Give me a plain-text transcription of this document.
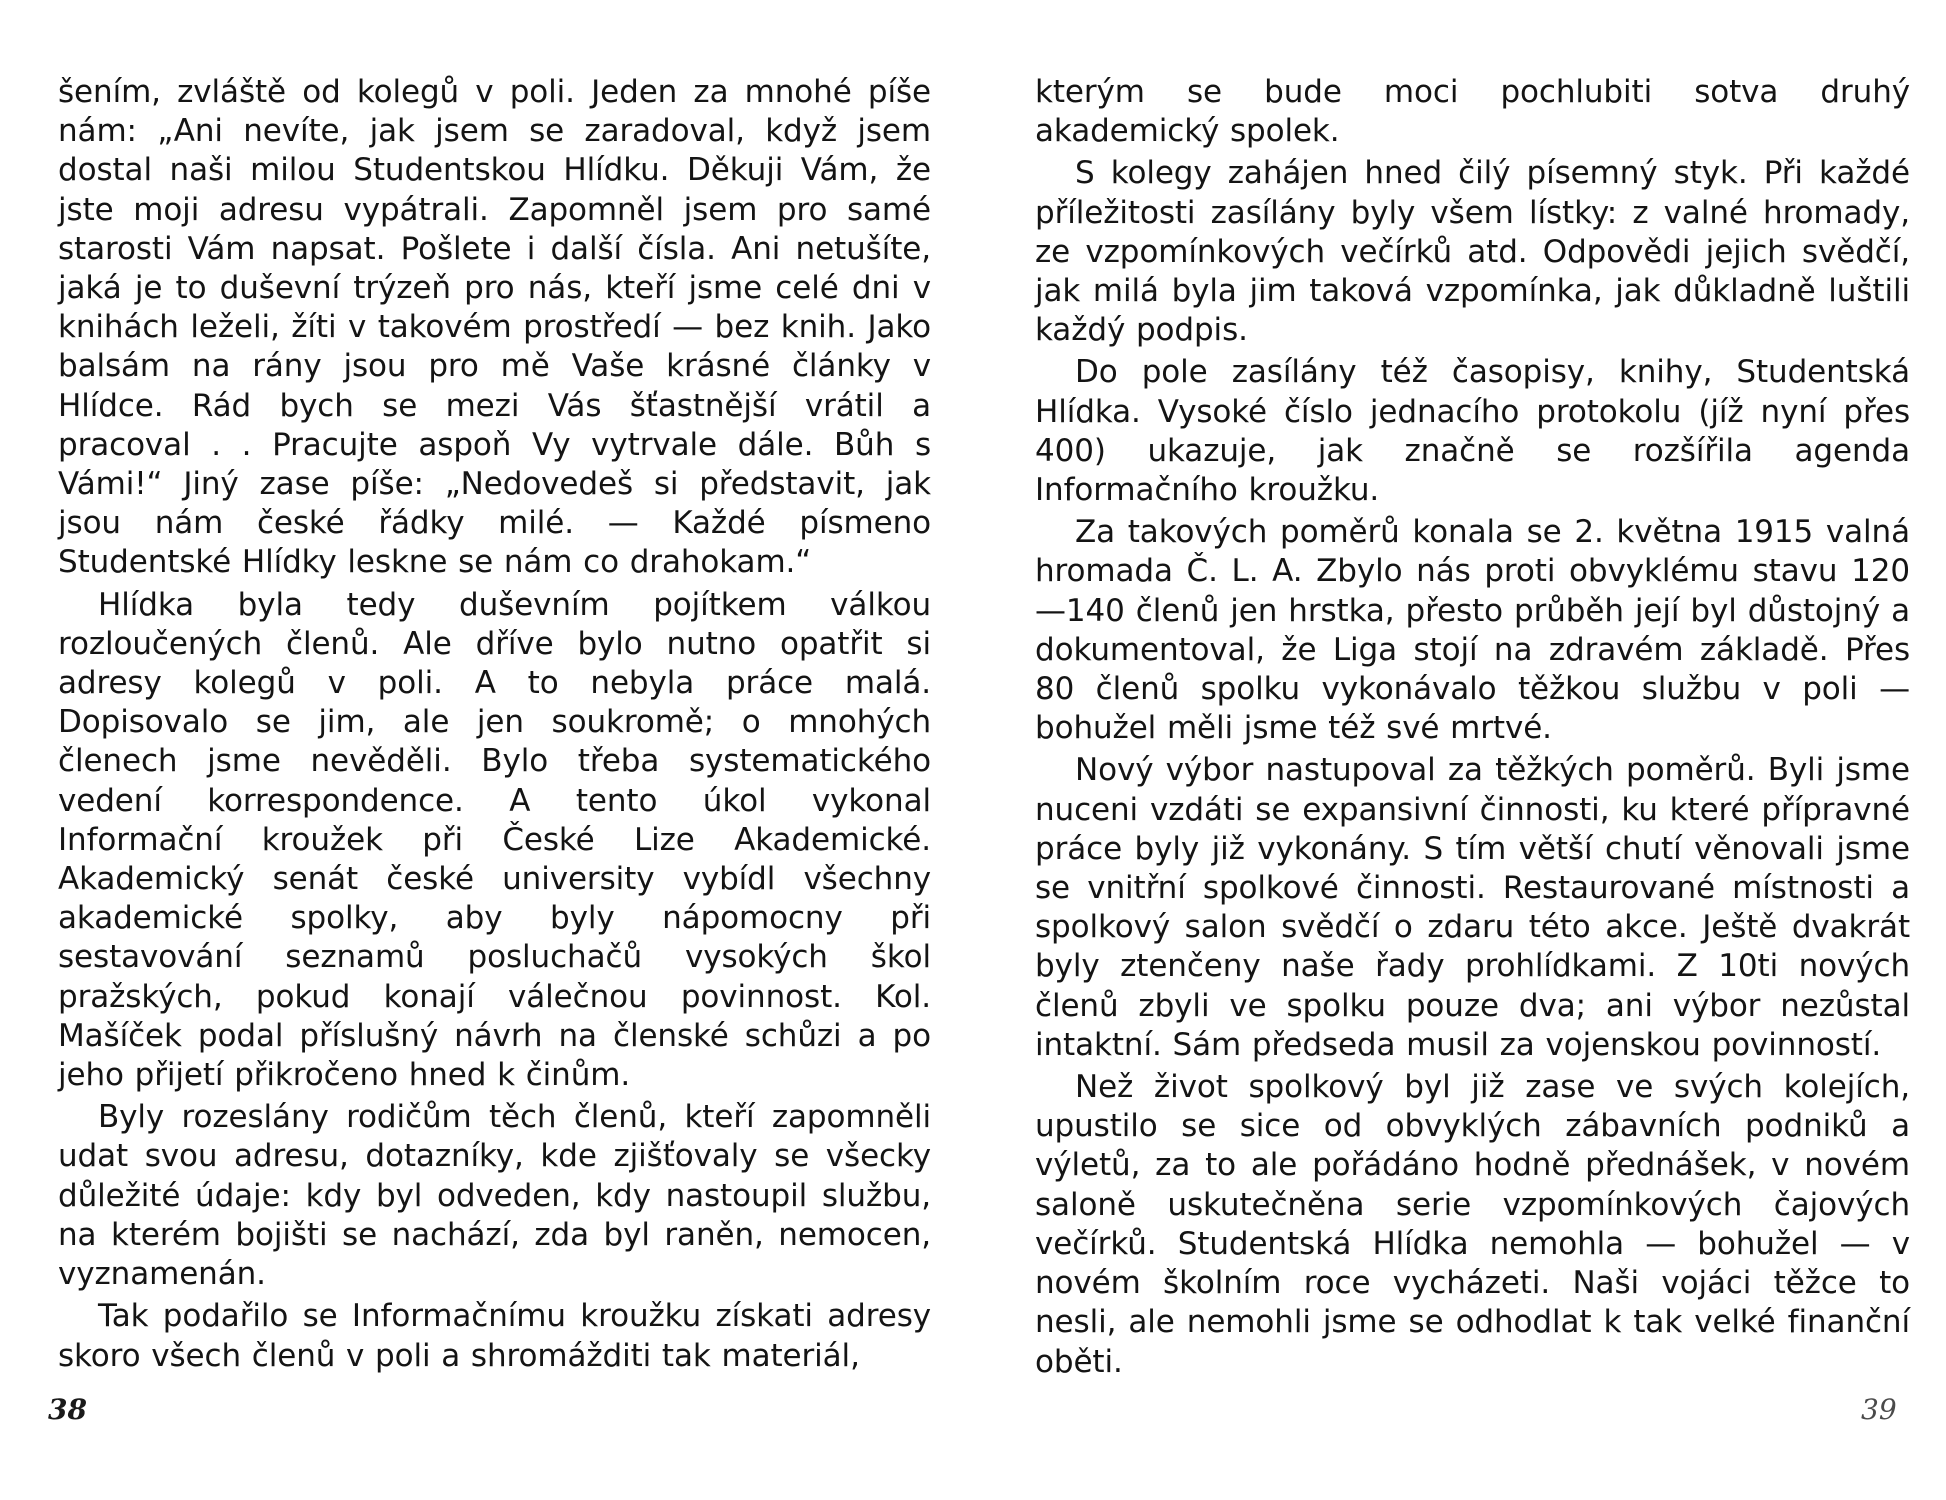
šením, zvláště od kolegů v poli. Jeden za mnohé píše nám: „Ani nevíte, jak jsem se zaradoval, když jsem dostal naši milou Studentskou Hlídku. Děkuji Vám, že jste moji adresu vypátrali. Zapomněl jsem pro samé starosti Vám napsat. Pošlete i další čísla. Ani netušíte, jaká je to duševní trýzeň pro nás, kteří jsme celé dni v knihách leželi, žíti v takovém prostředí — bez knih. Jako balsám na rány jsou pro mě Vaše krásné články v Hlídce. Rád bych se mezi Vás šťastnější vrátil a pracoval . . Pracujte aspoň Vy vytrvale dále. Bůh s Vámi!“ Jiný zase píše: „Nedovedeš si představit, jak jsou nám české řádky milé. — Každé písmeno Studentské Hlídky leskne se nám co drahokam.“

Hlídka byla tedy duševním pojítkem válkou rozloučených členů. Ale dříve bylo nutno opatřit si adresy kolegů v poli. A to nebyla práce malá. Dopisovalo se jim, ale jen soukromě; o mnohých členech jsme nevěděli. Bylo třeba systematického vedení korrespondence. A tento úkol vykonal Informační kroužek při České Lize Akademické. Akademický senát české university vybídl všechny akademické spolky, aby byly nápomocny při sestavování seznamů posluchačů vysokých škol pražských, pokud konají válečnou povinnost. Kol. Mašíček podal příslušný návrh na členské schůzi a po jeho přijetí přikročeno hned k činům.

Byly rozeslány rodičům těch členů, kteří zapomněli udat svou adresu, dotazníky, kde zjišťovaly se všecky důležité údaje: kdy byl odveden, kdy nastoupil službu, na kterém bojišti se nachází, zda byl raněn, nemocen, vyznamenán.

Tak podařilo se Informačnímu kroužku získati adresy skoro všech členů v poli a shromážditi tak materiál,

38

kterým se bude moci pochlubiti sotva druhý akademický spolek.

S kolegy zahájen hned čilý písemný styk. Při každé příležitosti zasílány byly všem lístky: z valné hromady, ze vzpomínkových večírků atd. Odpovědi jejich svědčí, jak milá byla jim taková vzpomínka, jak důkladně luštili každý podpis.

Do pole zasílány též časopisy, knihy, Studentská Hlídka. Vysoké číslo jednacího protokolu (jíž nyní přes 400) ukazuje, jak značně se rozšířila agenda Informačního kroužku.

Za takových poměrů konala se 2. května 1915 valná hromada Č. L. A. Zbylo nás proti obvyklému stavu 120—140 členů jen hrstka, přesto průběh její byl důstojný a dokumentoval, že Liga stojí na zdravém základě. Přes 80 členů spolku vykonávalo těžkou službu v poli — bohužel měli jsme též své mrtvé.

Nový výbor nastupoval za těžkých poměrů. Byli jsme nuceni vzdáti se expansivní činnosti, ku které přípravné práce byly již vykonány. S tím větší chutí věnovali jsme se vnitřní spolkové činnosti. Restaurované místnosti a spolkový salon svědčí o zdaru této akce. Ještě dvakrát byly ztenčeny naše řady prohlídkami. Z 10ti nových členů zbyli ve spolku pouze dva; ani výbor nezůstal intaktní. Sám předseda musil za vojenskou povinností.

Než život spolkový byl již zase ve svých kolejích, upustilo se sice od obvyklých zábavních podniků a výletů, za to ale pořádáno hodně přednášek, v novém saloně uskutečněna serie vzpomínkových čajových večírků. Studentská Hlídka nemohla — bohužel — v novém školním roce vycházeti. Naši vojáci těžce to nesli, ale nemohli jsme se odhodlat k tak velké finanční oběti.

39
